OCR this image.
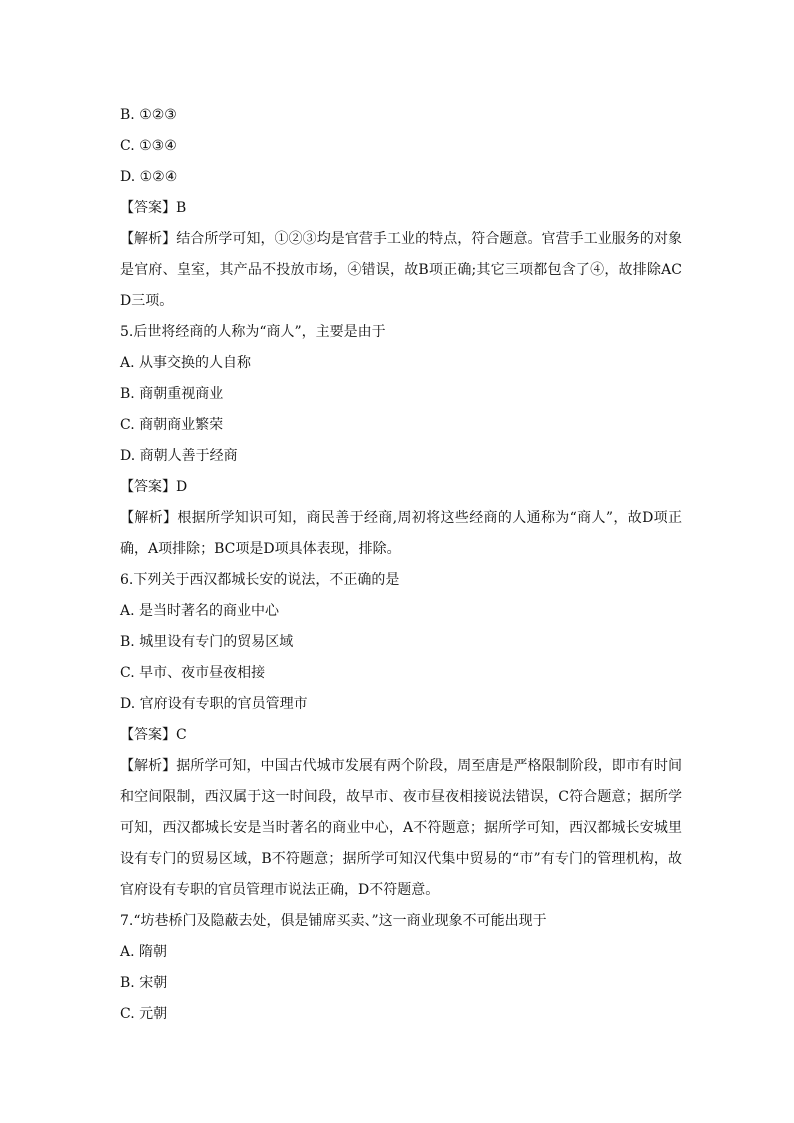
B. ①②③
C. ①③④
D. ①②④
【答案】B
【解析】结合所学可知，①②③均是官营手工业的特点，符合题意。官营手工业服务的对象是官府、皇室，其产品不投放市场，④错误，故B项正确;其它三项都包含了④，故排除ACD三项。
5.后世将经商的人称为“商人”，主要是由于
A. 从事交换的人自称
B. 商朝重视商业
C. 商朝商业繁荣
D. 商朝人善于经商
【答案】D
【解析】根据所学知识可知，商民善于经商,周初将这些经商的人通称为“商人”，故D项正确，A项排除；BC项是D项具体表现，排除。
6.下列关于西汉都城长安的说法，不正确的是
A. 是当时著名的商业中心
B. 城里设有专门的贸易区域
C. 早市、夜市昼夜相接
D. 官府设有专职的官员管理市
【答案】C
【解析】据所学可知，中国古代城市发展有两个阶段，周至唐是严格限制阶段，即市有时间和空间限制，西汉属于这一时间段，故早市、夜市昼夜相接说法错误，C符合题意；据所学可知，西汉都城长安是当时著名的商业中心，A不符题意；据所学可知，西汉都城长安城里设有专门的贸易区域，B不符题意；据所学可知汉代集中贸易的“市”有专门的管理机构，故官府设有专职的官员管理市说法正确，D不符题意。
7.“坊巷桥门及隐蔽去处，俱是铺席买卖、”这一商业现象不可能出现于
A. 隋朝
B. 宋朝
C. 元朝
